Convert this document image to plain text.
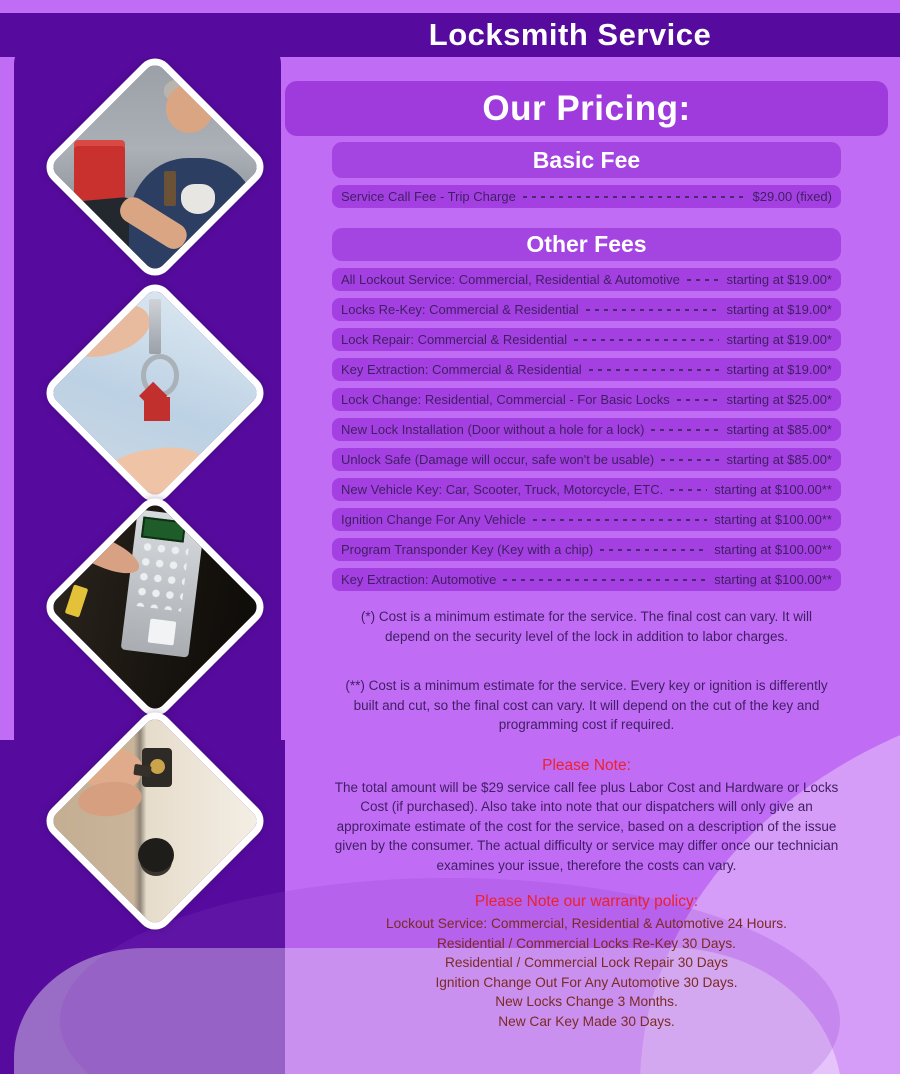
Locksmith Service
Our Pricing:
Basic Fee
Service Call Fee - Trip Charge	$29.00 (fixed)
Other Fees
All Lockout Service: Commercial, Residential & Automotive	starting at $19.00*
Locks Re-Key: Commercial & Residential	starting at $19.00*
Lock Repair: Commercial & Residential	starting at $19.00*
Key Extraction: Commercial & Residential	starting at $19.00*
Lock Change: Residential, Commercial - For Basic Locks	starting at $25.00*
New Lock Installation (Door without a hole for a lock)	starting at $85.00*
Unlock Safe (Damage will occur, safe won't be usable)	starting at $85.00*
New Vehicle Key: Car, Scooter, Truck, Motorcycle, ETC.	starting at $100.00**
Ignition Change For Any Vehicle	starting at $100.00**
Program Transponder Key (Key with a chip)	starting at $100.00**
Key Extraction: Automotive	starting at $100.00**

(*) Cost is a minimum estimate for the service. The final cost can vary. It will depend on the security level of the lock in addition to labor charges.

(**) Cost is a minimum estimate for the service. Every key or ignition is differently built and cut, so the final cost can vary. It will depend on the cut of the key and programming cost if required.

Please Note:

The total amount will be $29 service call fee plus Labor Cost and Hardware or Locks Cost (if purchased). Also take into note that our dispatchers will only give an approximate estimate of the cost for the service, based on a description of the issue given by the consumer. The actual difficulty or service may differ once our technician examines your issue, therefore the costs can vary.

Please Note our warranty policy:

Lockout Service: Commercial, Residential & Automotive 24 Hours.
Residential / Commercial Locks Re-Key 30 Days.
Residential / Commercial Lock Repair 30 Days
Ignition Change Out For Any Automotive 30 Days.
New Locks Change 3 Months.
New Car Key Made 30 Days.
